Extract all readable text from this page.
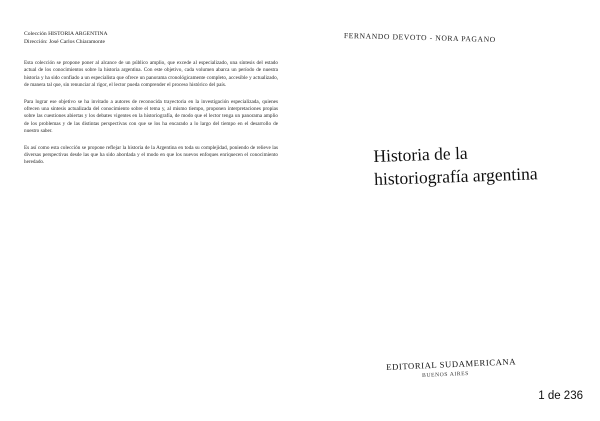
Colección HISTORIA ARGENTINA
Dirección: José Carlos Chiaramonte

Esta colección se propone poner al alcance de un público amplio, que excede al especializado, una síntesis del estado actual de los conocimientos sobre la historia argentina. Con este objetivo, cada volumen abarca un período de nuestra historia y ha sido confiado a un especialista que ofrece un panorama cronológicamente completo, accesible y actualizado, de manera tal que, sin renunciar al rigor, el lector pueda comprender el proceso histórico del país.

Para lograr ese objetivo se ha invitado a autores de reconocida trayectoria en la investigación especializada, quienes ofrecen una síntesis actualizada del conocimiento sobre el tema y, al mismo tiempo, proponen interpretaciones propias sobre las cuestiones abiertas y los debates vigentes en la historiografía, de modo que el lector tenga un panorama amplio de los problemas y de las distintas perspectivas con que se los ha encarado a lo largo del tiempo en el desarrollo de nuestro saber.

Es así como esta colección se propone reflejar la historia de la Argentina en toda su complejidad, poniendo de relieve las diversas perspectivas desde las que ha sido abordada y el modo en que los nuevos enfoques enriquecen el conocimiento heredado.

FERNANDO DEVOTO - NORA PAGANO
Historia de la
historiografía argentina
EDITORIAL SUDAMERICANA
BUENOS AIRES
1 de 236
